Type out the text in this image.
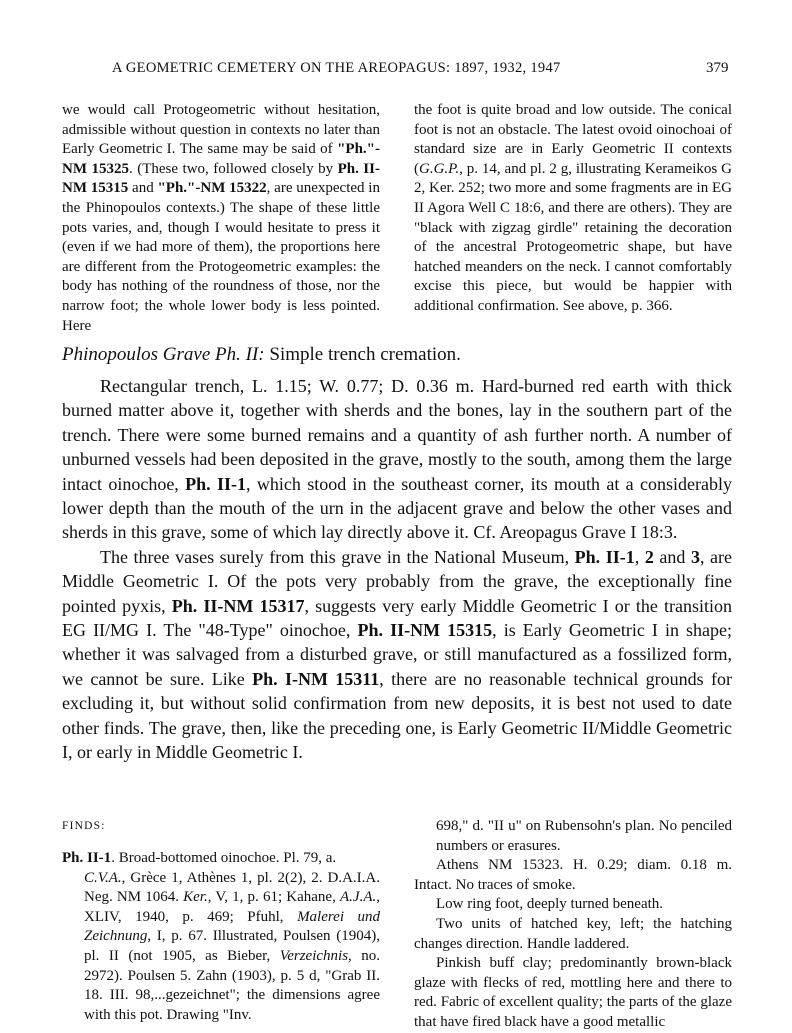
A GEOMETRIC CEMETERY ON THE AREOPAGUS: 1897, 1932, 1947	379

we would call Protogeometric without hesitation, admissible without question in contexts no later than Early Geometric I. The same may be said of "Ph."-NM 15325. (These two, followed closely by Ph. II-NM 15315 and "Ph."-NM 15322, are unexpected in the Phinopoulos contexts.) The shape of these little pots varies, and, though I would hesitate to press it (even if we had more of them), the proportions here are different from the Protogeometric examples: the body has nothing of the roundness of those, nor the narrow foot; the whole lower body is less pointed. Here

the foot is quite broad and low outside. The conical foot is not an obstacle. The latest ovoid oinochoai of standard size are in Early Geometric II contexts (G.G.P., p. 14, and pl. 2 g, illustrating Kerameikos G 2, Ker. 252; two more and some fragments are in EG II Agora Well C 18:6, and there are others). They are "black with zigzag girdle" retaining the decoration of the ancestral Protogeometric shape, but have hatched meanders on the neck. I cannot comfortably excise this piece, but would be happier with additional confirmation. See above, p. 366.

Phinopoulos Grave Ph. II: Simple trench cremation.

Rectangular trench, L. 1.15; W. 0.77; D. 0.36 m. Hard-burned red earth with thick burned matter above it, together with sherds and the bones, lay in the southern part of the trench. There were some burned remains and a quantity of ash further north. A number of unburned vessels had been deposited in the grave, mostly to the south, among them the large intact oinochoe, Ph. II-1, which stood in the southeast corner, its mouth at a considerably lower depth than the mouth of the urn in the adjacent grave and below the other vases and sherds in this grave, some of which lay directly above it. Cf. Areopagus Grave I 18:3.

The three vases surely from this grave in the National Museum, Ph. II-1, 2 and 3, are Middle Geometric I. Of the pots very probably from the grave, the exceptionally fine pointed pyxis, Ph. II-NM 15317, suggests very early Middle Geometric I or the transition EG II/MG I. The "48-Type" oinochoe, Ph. II-NM 15315, is Early Geometric I in shape; whether it was salvaged from a disturbed grave, or still manufactured as a fossilized form, we cannot be sure. Like Ph. I-NM 15311, there are no reasonable technical grounds for excluding it, but without solid confirmation from new deposits, it is best not used to date other finds. The grave, then, like the preceding one, is Early Geometric II/Middle Geometric I, or early in Middle Geometric I.

FINDS:

Ph. II-1. Broad-bottomed oinochoe. Pl. 79, a.

C.V.A., Grèce 1, Athènes 1, pl. 2(2), 2. D.A.I.A. Neg. NM 1064. Ker., V, 1, p. 61; Kahane, A.J.A., XLIV, 1940, p. 469; Pfuhl, Malerei und Zeichnung, I, p. 67. Illustrated, Poulsen (1904), pl. II (not 1905, as Bieber, Verzeichnis, no. 2972). Poulsen 5. Zahn (1903), p. 5 d, "Grab II. 18. III. 98,...gezeichnet"; the dimensions agree with this pot. Drawing "Inv.

698," d. "II u" on Rubensohn's plan. No penciled numbers or erasures.

Athens NM 15323. H. 0.29; diam. 0.18 m. Intact. No traces of smoke.

Low ring foot, deeply turned beneath.

Two units of hatched key, left; the hatching changes direction. Handle laddered.

Pinkish buff clay; predominantly brown-black glaze with flecks of red, mottling here and there to red. Fabric of excellent quality; the parts of the glaze that have fired black have a good metallic
